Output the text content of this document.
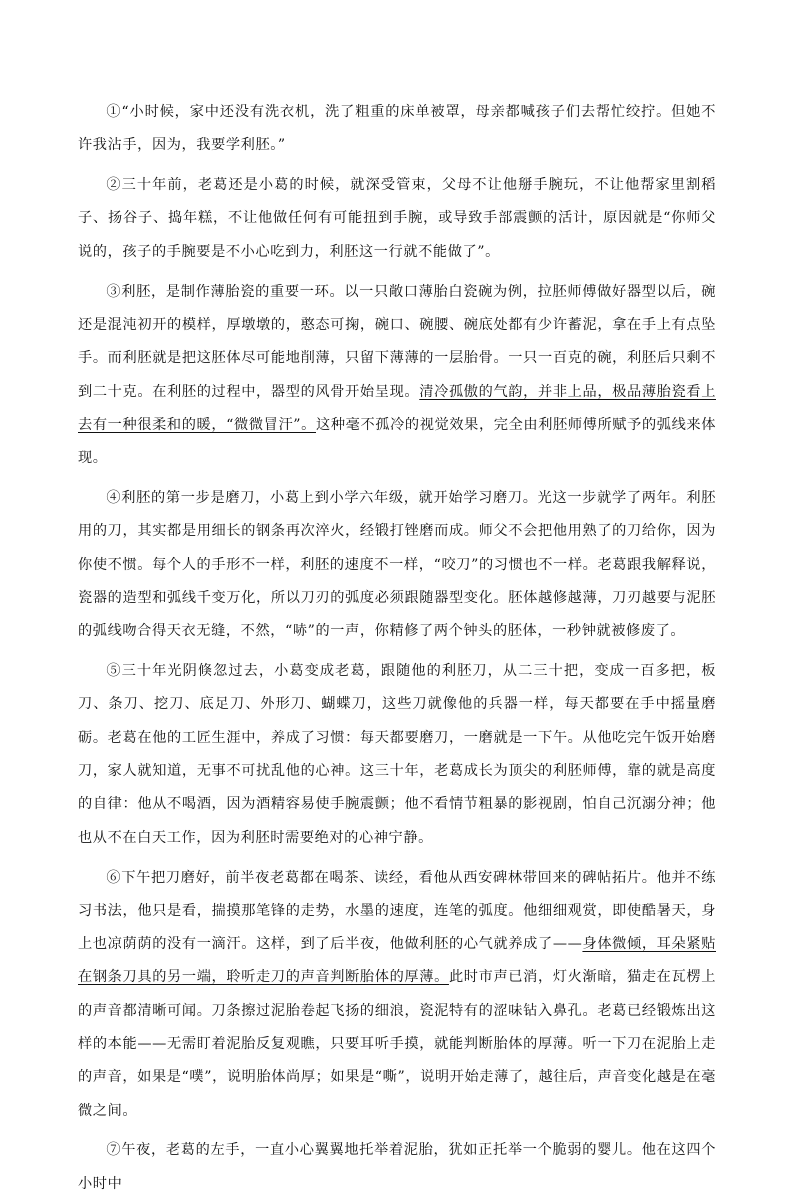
①“小时候，家中还没有洗衣机，洗了粗重的床单被罩，母亲都喊孩子们去帮忙绞拧。但她不许我沾手，因为，我要学利胚。”

②三十年前，老葛还是小葛的时候，就深受管束，父母不让他掰手腕玩，不让他帮家里割稻子、扬谷子、捣年糕，不让他做任何有可能扭到手腕，或导致手部震颤的活计，原因就是“你师父说的，孩子的手腕要是不小心吃到力，利胚这一行就不能做了”。

③利胚，是制作薄胎瓷的重要一环。以一只敞口薄胎白瓷碗为例，拉胚师傅做好器型以后，碗还是混沌初开的模样，厚墩墩的，憨态可掬，碗口、碗腰、碗底处都有少许蓄泥，拿在手上有点坠手。而利胚就是把这胚体尽可能地削薄，只留下薄薄的一层胎骨。一只一百克的碗，利胚后只剩不到二十克。在利胚的过程中，器型的风骨开始呈现。清冷孤傲的气韵，并非上品，极品薄胎瓷看上去有一种很柔和的暖，“微微冒汗”。这种毫不孤冷的视觉效果，完全由利胚师傅所赋予的弧线来体现。

④利胚的第一步是磨刀，小葛上到小学六年级，就开始学习磨刀。光这一步就学了两年。利胚用的刀，其实都是用细长的钢条再次淬火，经锻打锉磨而成。师父不会把他用熟了的刀给你，因为你使不惯。每个人的手形不一样，利胚的速度不一样，“咬刀”的习惯也不一样。老葛跟我解释说，瓷器的造型和弧线千变万化，所以刀刃的弧度必须跟随器型变化。胚体越修越薄，刀刃越要与泥胚的弧线吻合得天衣无缝，不然，“哧”的一声，你精修了两个钟头的胚体，一秒钟就被修废了。

⑤三十年光阴倏忽过去，小葛变成老葛，跟随他的利胚刀，从二三十把，变成一百多把，板刀、条刀、挖刀、底足刀、外形刀、蝴蝶刀，这些刀就像他的兵器一样，每天都要在手中摇量磨砺。老葛在他的工匠生涯中，养成了习惯：每天都要磨刀，一磨就是一下午。从他吃完午饭开始磨刀，家人就知道，无事不可扰乱他的心神。这三十年，老葛成长为顶尖的利胚师傅，靠的就是高度的自律：他从不喝酒，因为酒精容易使手腕震颤；他不看情节粗暴的影视剧，怕自己沉溺分神；他也从不在白天工作，因为利胚时需要绝对的心神宁静。

⑥下午把刀磨好，前半夜老葛都在喝茶、读经，看他从西安碑林带回来的碑帖拓片。他并不练习书法，他只是看，揣摸那笔锋的走势，水墨的速度，连笔的弧度。他细细观赏，即使酷暑天，身上也凉荫荫的没有一滴汗。这样，到了后半夜，他做利胚的心气就养成了——身体微倾，耳朵紧贴在钢条刀具的另一端，聆听走刀的声音判断胎体的厚薄。此时市声已消，灯火渐暗，猫走在瓦楞上的声音都清晰可闻。刀条擦过泥胎卷起飞扬的细浪，瓷泥特有的涩味钻入鼻孔。老葛已经锻炼出这样的本能——无需盯着泥胎反复观瞧，只要耳听手摸，就能判断胎体的厚薄。听一下刀在泥胎上走的声音，如果是“噗”，说明胎体尚厚；如果是“嘶”，说明开始走薄了，越往后，声音变化越是在毫微之间。

⑦午夜，老葛的左手，一直小心翼翼地托举着泥胎，犹如正托举一个脆弱的婴儿。他在这四个小时中
